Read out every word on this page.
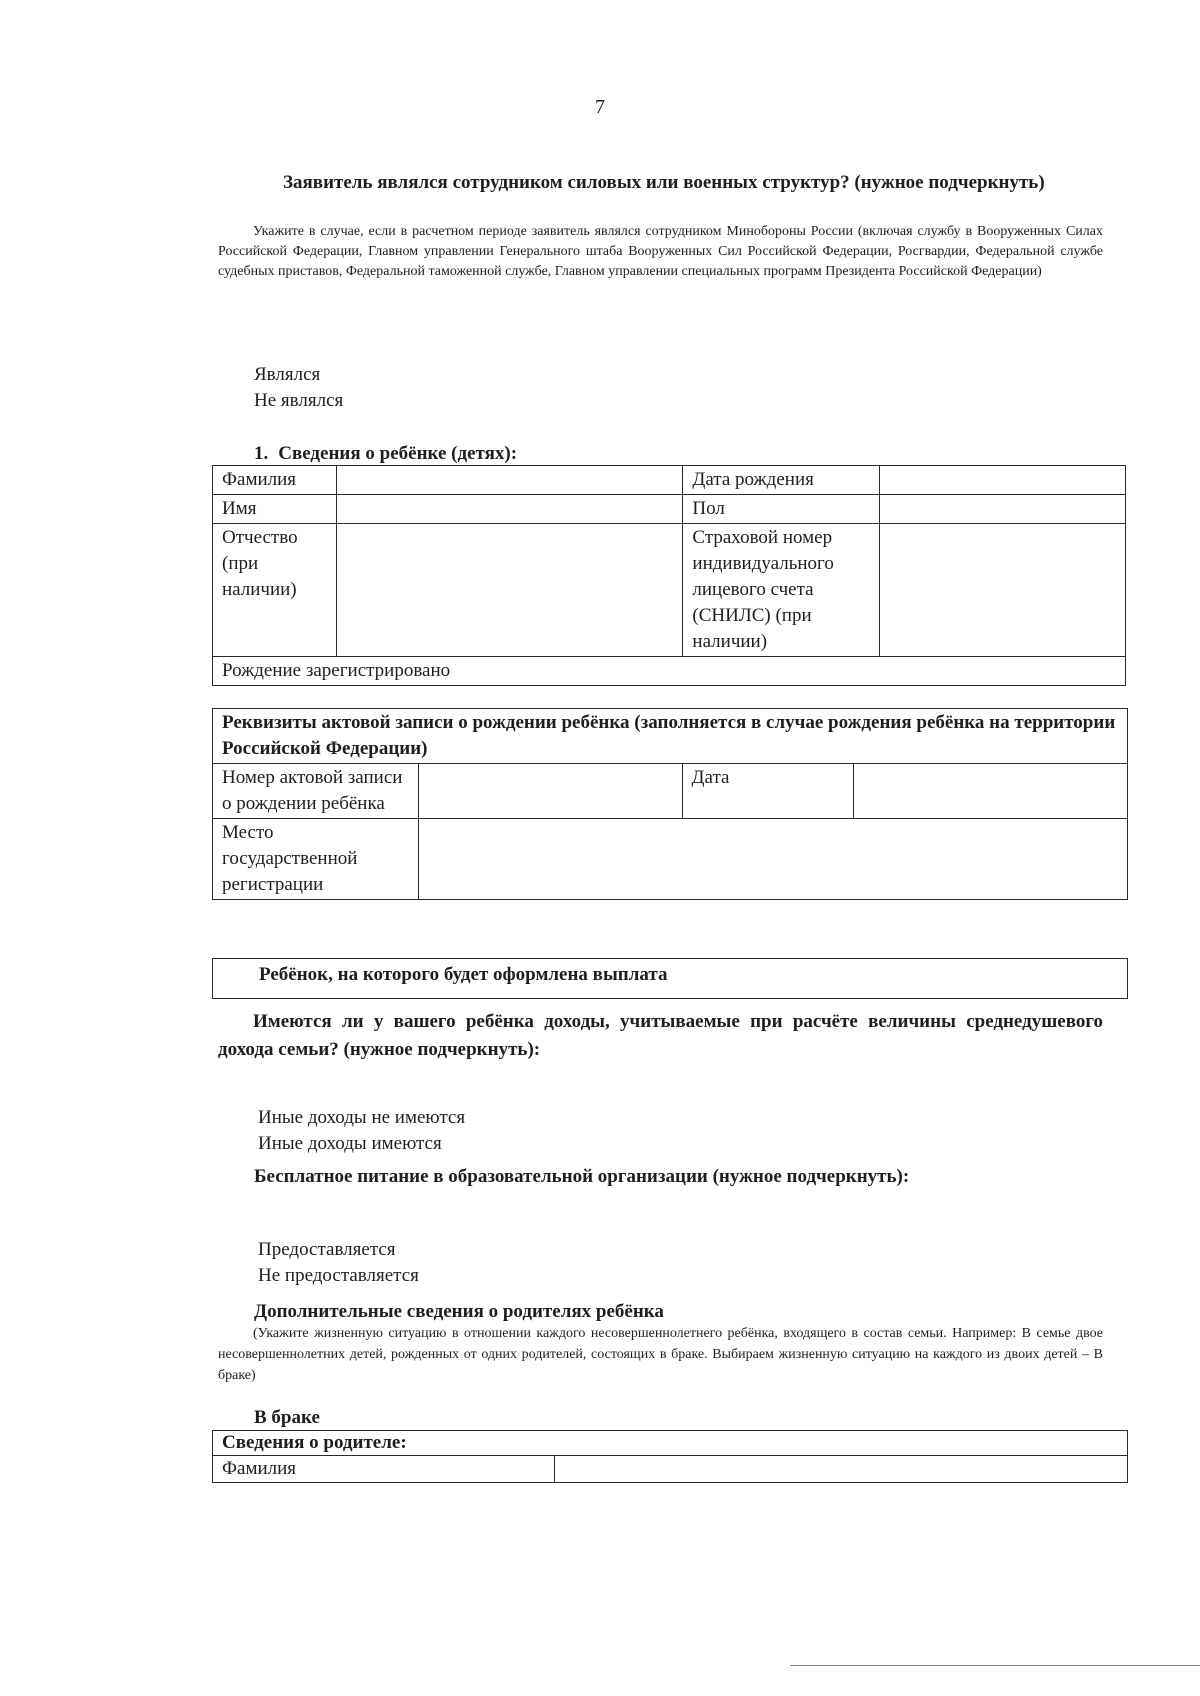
7
Заявитель являлся сотрудником силовых или военных структур? (нужное подчеркнуть)
Укажите в случае, если в расчетном периоде заявитель являлся сотрудником Минобороны России (включая службу в Вооруженных Силах Российской Федерации, Главном управлении Генерального штаба Вооруженных Сил Российской Федерации, Росгвардии, Федеральной службе судебных приставов, Федеральной таможенной службе, Главном управлении специальных программ Президента Российской Федерации)
Являлся
Не являлся
1. Сведения о ребёнке (детях):
Фамилия		Дата рождения	
Имя		Пол	
Отчество (при наличии)		Страховой номер индивидуального лицевого счета (СНИЛС) (при наличии)	
Рождение зарегистрировано			
Реквизиты актовой записи о рождении ребёнка (заполняется в случае рождения ребёнка на территории Российской Федерации)			
Номер актовой записи о рождении ребёнка		Дата	
Место государственной регистрации			
Ребёнок, на которого будет оформлена выплата
Имеются ли у вашего ребёнка доходы, учитываемые при расчёте величины среднедушевого дохода семьи? (нужное подчеркнуть):
Иные доходы не имеются
Иные доходы имеются
Бесплатное питание в образовательной организации (нужное подчеркнуть):
Предоставляется
Не предоставляется
Дополнительные сведения о родителях ребёнка
(Укажите жизненную ситуацию в отношении каждого несовершеннолетнего ребёнка, входящего в состав семьи. Например: В семье двое несовершеннолетних детей, рожденных от одних родителей, состоящих в браке. Выбираем жизненную ситуацию на каждого из двоих детей – В браке)
В браке
Сведения о родителе:
Фамилия	
